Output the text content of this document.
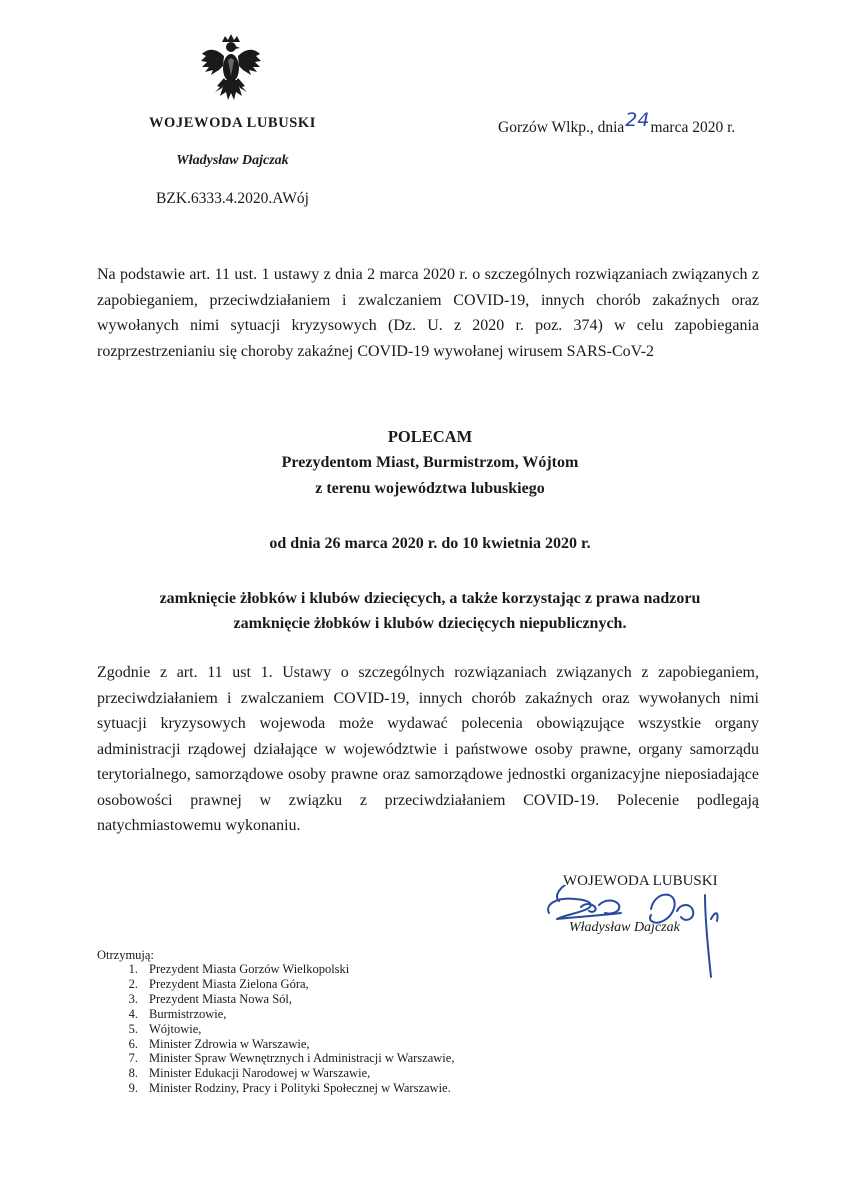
WOJEWODA LUBUSKI
Władysław Dajczak
BZK.6333.4.2020.AWój
Gorzów Wlkp., dnia24marca 2020 r.
Na podstawie art. 11 ust. 1 ustawy z dnia 2 marca 2020 r. o szczególnych rozwiązaniach związanych z zapobieganiem, przeciwdziałaniem i zwalczaniem COVID-19, innych chorób zakaźnych oraz wywołanych nimi sytuacji kryzysowych (Dz. U. z 2020 r. poz. 374) w celu zapobiegania rozprzestrzenianiu się choroby zakaźnej COVID-19 wywołanej wirusem SARS-CoV-2
POLECAM
Prezydentom Miast, Burmistrzom, Wójtom
z terenu województwa lubuskiego
od dnia 26 marca 2020 r. do 10 kwietnia 2020 r.
zamknięcie żłobków i klubów dziecięcych, a także korzystając z prawa nadzoru
zamknięcie żłobków i klubów dziecięcych niepublicznych.
Zgodnie z art. 11 ust 1. Ustawy o szczególnych rozwiązaniach związanych z zapobieganiem, przeciwdziałaniem i zwalczaniem COVID-19, innych chorób zakaźnych oraz wywołanych nimi sytuacji kryzysowych wojewoda może wydawać polecenia obowiązujące wszystkie organy administracji rządowej działające w województwie i państwowe osoby prawne, organy samorządu terytorialnego, samorządowe osoby prawne oraz samorządowe jednostki organizacyjne nieposiadające osobowości prawnej w związku z przeciwdziałaniem COVID-19. Polecenie podlegają natychmiastowemu wykonaniu.
WOJEWODA LUBUSKI
Władysław Dajczak
Otrzymują:
1. Prezydent Miasta Gorzów Wielkopolski
2. Prezydent Miasta Zielona Góra,
3. Prezydent Miasta Nowa Sól,
4. Burmistrzowie,
5. Wójtowie,
6. Minister Zdrowia w Warszawie,
7. Minister Spraw Wewnętrznych i Administracji w Warszawie,
8. Minister Edukacji Narodowej w Warszawie,
9. Minister Rodziny, Pracy i Polityki Społecznej w Warszawie.
